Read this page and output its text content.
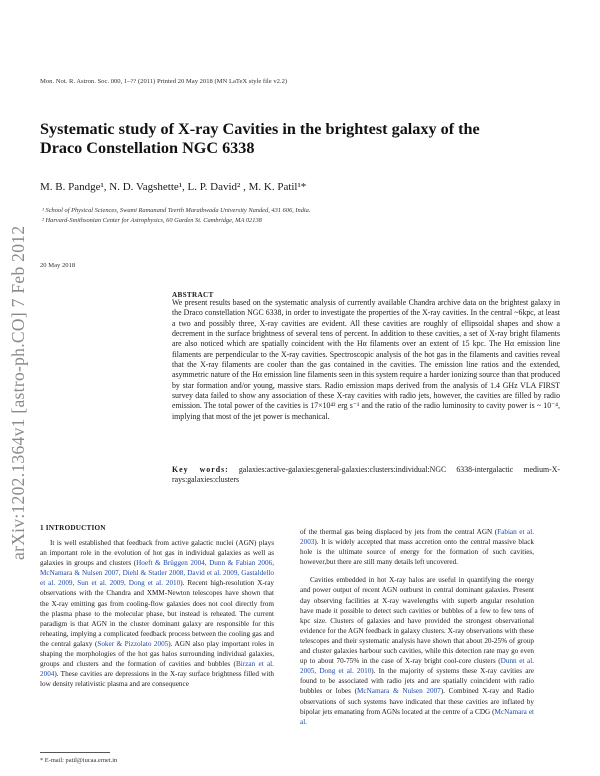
arXiv:1202.1364v1 [astro-ph.CO] 7 Feb 2012
Mon. Not. R. Astron. Soc. 000, 1–?? (2011) Printed 20 May 2018 (MN LaTeX style file v2.2)
Systematic study of X-ray Cavities in the brightest galaxy of the Draco Constellation NGC 6338
M. B. Pandge¹, N. D. Vagshette¹, L. P. David² , M. K. Patil¹*
¹ School of Physical Sciences, Swami Ramanand Teerth Marathwada University Nanded, 431 606, India.
² Harvard-Smithsonian Center for Astrophysics, 60 Garden St. Cambridge, MA 02138
20 May 2018
ABSTRACT
We present results based on the systematic analysis of currently available Chandra archive data on the brightest galaxy in the Draco constellation NGC 6338, in order to investigate the properties of the X-ray cavities. In the central ~6kpc, at least a two and possibly three, X-ray cavities are evident. All these cavities are roughly of ellipsoidal shapes and show a decrement in the surface brightness of several tens of percent. In addition to these cavities, a set of X-ray bright filaments are also noticed which are spatially coincident with the Hα filaments over an extent of 15 kpc. The Hα emission line filaments are perpendicular to the X-ray cavities. Spectroscopic analysis of the hot gas in the filaments and cavities reveal that the X-ray filaments are cooler than the gas contained in the cavities. The emission line ratios and the extended, asymmetric nature of the Hα emission line filaments seen in this system require a harder ionizing source than that produced by star formation and/or young, massive stars. Radio emission maps derived from the analysis of 1.4 GHz VLA FIRST survey data failed to show any association of these X-ray cavities with radio jets, however, the cavities are filled by radio emission. The total power of the cavities is 17×10⁴² erg s⁻¹ and the ratio of the radio luminosity to cavity power is ~ 10⁻⁴, implying that most of the jet power is mechanical.
Key words: galaxies:active-galaxies:general-galaxies:clusters:individual:NGC 6338-intergalactic medium-X-rays:galaxies:clusters
1 INTRODUCTION

It is well established that feedback from active galactic nuclei (AGN) plays an important role in the evolution of hot gas in individual galaxies as well as galaxies in groups and clusters (Hoeft & Brüggen 2004, Dunn & Fabian 2006, McNamara & Nulsen 2007, Diehl & Statler 2008, David et al. 2009, Gastaldello et al. 2009, Sun et al. 2009, Dong et al. 2010). Recent high-resolution X-ray observations with the Chandra and XMM-Newton telescopes have shown that the X-ray emitting gas from cooling-flow galaxies does not cool directly from the plasma phase to the molecular phase, but instead is reheated. The current paradigm is that AGN in the cluster dominant galaxy are responsible for this reheating, implying a complicated feedback process between the cooling gas and the central galaxy (Soker & Pizzolato 2005). AGN also play important roles in shaping the morphologies of the hot gas halos surrounding individual galaxies, groups and clusters and the formation of cavities and bubbles (Birzan et al. 2004). These cavities are depressions in the X-ray surface brightness filled with low density relativistic plasma and are consequence

of the thermal gas being displaced by jets from the central AGN (Fabian et al. 2003). It is widely accepted that mass accretion onto the central massive black hole is the ultimate source of energy for the formation of such cavities, however,but there are still many details left uncovered.

Cavities embedded in hot X-ray halos are useful in quantifying the energy and power output of recent AGN outburst in central dominant galaxies. Present day observing facilities at X-ray wavelengths with superb angular resolution have made it possible to detect such cavities or bubbles of a few to few tens of kpc size. Clusters of galaxies and have provided the strongest observational evidence for the AGN feedback in galaxy clusters. X-ray observations with these telescopes and their systematic analysis have shown that about 20-25% of group and cluster galaxies harbour such cavities, while this detection rate may go even up to about 70-75% in the case of X-ray bright cool-core clusters (Dunn et al. 2005, Dong et al. 2010). In the majority of systems these X-ray cavities are found to be associated with radio jets and are spatially coincident with radio bubbles or lobes (McNamara & Nulsen 2007). Combined X-ray and Radio observations of such systems have indicated that these cavities are inflated by bipolar jets emanating from AGNs located at the centre of a CDG (McNamara et al.

* E-mail: patil@iucaa.ernet.in
